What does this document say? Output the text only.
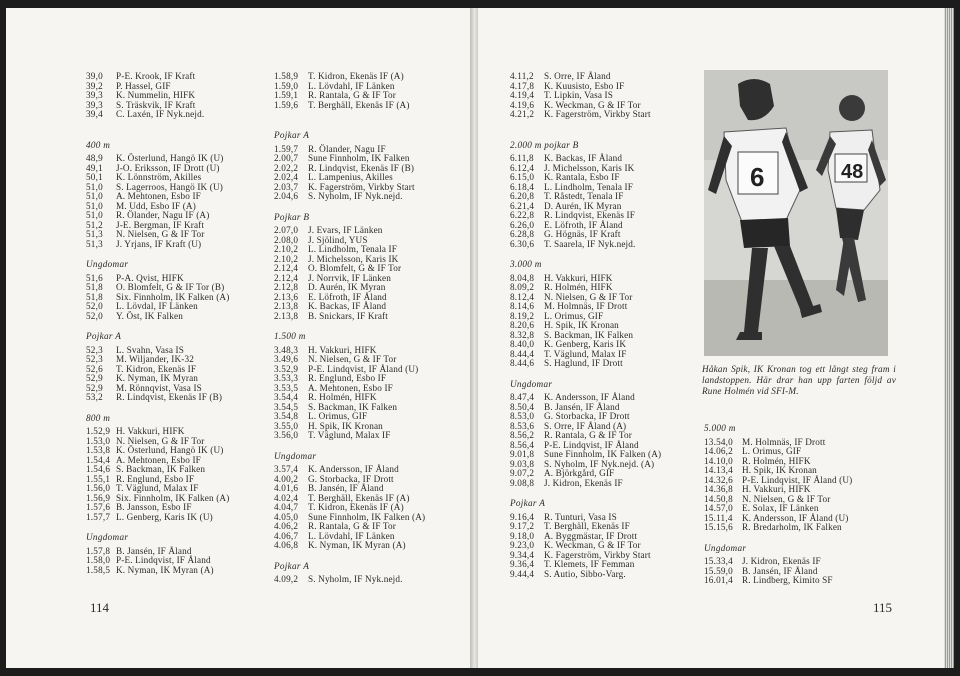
39,0	P-E. Krook, IF Kraft
39,2	P. Hassel, GIF
39,3	K. Nummelin, HIFK
39,3	S. Träskvik, IF Kraft
39,4	C. Laxén, IF Nyk.nejd.
400 m
48,9	K. Österlund, Hangö IK (U)
49,1	J-O. Eriksson, IF Drott (U)
50,1	K. Lönnström, Akilles
51,0	S. Lagerroos, Hangö IK (U)
51,0	A. Mehtonen, Esbo IF
51,0	M. Udd, Esbo IF (A)
51,0	R. Ölander, Nagu IF (A)
51,2	J-E. Bergman, IF Kraft
51,3	N. Nielsen, G & IF Tor
51,3	J. Yrjans, IF Kraft (U)
Ungdomar
51,6	P-A. Qvist, HIFK
51,8	O. Blomfelt, G & IF Tor (B)
51,8	Six. Finnholm, IK Falken (A)
52,0	L. Lövdal, IF Länken
52,0	Y. Öst, IK Falken
Pojkar A
52,3	L. Svahn, Vasa IS
52,3	M. Wiljander, IK-32
52,6	T. Kidron, Ekenäs IF
52,9	K. Nyman, IK Myran
52,9	M. Rönnqvist, Vasa IS
53,2	R. Lindqvist, Ekenäs IF (B)
800 m
1.52,9 H. Vakkuri, HIFK
1.53,0 N. Nielsen, G & IF Tor
1.53,8 K. Österlund, Hangö IK (U)
1.54,4 A. Mehtonen, Esbo IF
1.54,6 S. Backman, IK Falken
1.55,1 R. Englund, Esbo IF
1.56,0 T. Väglund, Malax IF
1.56,9 Six. Finnholm, IK Falken (A)
1.57,6 B. Jansson, Esbo IF
1.57,7 L. Genberg, Karis IK (U)
Ungdomar
1.57,8 B. Jansén, IF Åland
1.58,0 P-E. Lindqvist, IF Åland
1.58,5 K. Nyman, IK Myran (A)
1.58,9	T. Kidron, Ekenäs IF (A)
1.59,0	L. Lövdahl, IF Länken
1.59,1	R. Rantala, G & IF Tor
1.59,6	T. Berghäll, Ekenäs IF (A)
Pojkar A
1.59,7	R. Ölander, Nagu IF
2.00,7	Sune Finnholm, IK Falken
2.02,2	R. Lindqvist, Ekenäs IF (B)
2.02,4	L. Lampenius, Akilles
2.03,7	K. Fagerström, Virkby Start
2.04,6	S. Nyholm, IF Nyk.nejd.
Pojkar B
2.07,0	J. Evars, IF Länken
2.08,0	J. Sjölind, YUS
2.10,2	L. Lindholm, Tenala IF
2.10,2	J. Michelsson, Karis IK
2.12,4	O. Blomfelt, G & IF Tor
2.12,4	J. Norrvik, IF Länken
2.12,8	D. Aurén, IK Myran
2.13,6	E. Löfroth, IF Åland
2.13,8	K. Backas, IF Åland
2.13,8	B. Snickars, IF Kraft
1.500 m
3.48,3	H. Vakkuri, HIFK
3.49,6	N. Nielsen, G & IF Tor
3.52,9	P-E. Lindqvist, IF Åland (U)
3.53,3	R. Englund, Esbo IF
3.53,5	A. Mehtonen, Esbo IF
3.54,4	R. Holmén, HIFK
3.54,5	S. Backman, IK Falken
3.54,8	L. Orimus, GIF
3.55,0	H. Spik, IK Kronan
3.56,0	T. Väglund, Malax IF
Ungdomar
3.57,4	K. Andersson, IF Åland
4.00,2	G. Storbacka, IF Drott
4.01,6	B. Jansén, IF Åland
4.02,4	T. Berghäll, Ekenäs IF (A)
4.04,7	T. Kidron, Ekenäs IF (A)
4.05,0	Sune Finnholm, IK Falken (A)
4.06,2	R. Rantala, G & IF Tor
4.06,7	L. Lövdahl, IF Länken
4.06,8	K. Nyman, IK Myran (A)
Pojkar A
4.09,2	S. Nyholm, IF Nyk.nejd.
114
4.11,2	S. Orre, IF Åland
4.17,8	K. Kuusisto, Esbo IF
4.19,4	T. Lipkin, Vasa IS
4.19,6	K. Weckman, G & IF Tor
4.21,2	K. Fagerström, Virkby Start
2.000 m pojkar B
6.11,8	K. Backas, IF Åland
6.12,4	J. Michelsson, Karis IK
6.15,0	K. Rantala, Esbo IF
6.18,4	L. Lindholm, Tenala IF
6.20,8	T. Råstedt, Tenala IF
6.21,4	D. Aurén, IK Myran
6.22,8	R. Lindqvist, Ekenäs IF
6.26,0	E. Löfroth, IF Åland
6.28,8	G. Högnäs, IF Kraft
6.30,6	T. Saarela, IF Nyk.nejd.
3.000 m
8.04,8	H. Vakkuri, HIFK
8.09,2	R. Holmén, HIFK
8.12,4	N. Nielsen, G & IF Tor
8.14,6	M. Holmnäs, IF Drott
8.19,2	L. Orimus, GIF
8.20,6	H. Spik, IK Kronan
8.32,8	S. Backman, IK Falken
8.40,0	K. Genberg, Karis IK
8.44,4	T. Väglund, Malax IF
8.44,6	S. Haglund, IF Drott
Ungdomar
8.47,4	K. Andersson, IF Åland
8.50,4	B. Jansén, IF Åland
8.53,0	G. Storbacka, IF Drott
8.53,6	S. Orre, IF Åland (A)
8.56,2	R. Rantala, G & IF Tor
8.56,4	P-E. Lindqvist, IF Åland
9.01,8	Sune Finnholm, IK Falken (A)
9.03,8	S. Nyholm, IF Nyk.nejd. (A)
9.07,2	A. Björkgård, GIF
9.08,8	J. Kidron, Ekenäs IF
Pojkar A
9.16,4	R. Tunturi, Vasa IS
9.17,2	T. Berghäll, Ekenäs IF
9.18,0	A. Byggmästar, IF Drott
9.23,0	K. Weckman, G & IF Tor
9.34,4	K. Fagerström, Virkby Start
9.36,4	T. Klemets, IF Femman
9.44,4	S. Autio, Sibbo-Varg.
48
6
Håkan Spik, IK Kronan tog ett långt steg fram i landstoppen. Här drar han upp farten följd av Rune Holmén vid SFI-M.
5.000 m
13.54,0 M. Holmnäs, IF Drott
14.06,2 L. Orimus, GIF
14.10,0 R. Holmén, HIFK
14.13,4 H. Spik, IK Kronan
14.32,6 P-E. Lindqvist, IF Åland (U)
14.36,8 H. Vakkuri, HIFK
14.50,8 N. Nielsen, G & IF Tor
14.57,0 E. Solax, IF Länken
15.11,4	K. Andersson, IF Åland (U)
15.15,6 R. Bredarholm, IK Falken
Ungdomar
15.33,4 J. Kidron, Ekenäs IF
15.59,0 B. Jansén, IF Åland
16.01,4 R. Lindberg, Kimito SF
115
